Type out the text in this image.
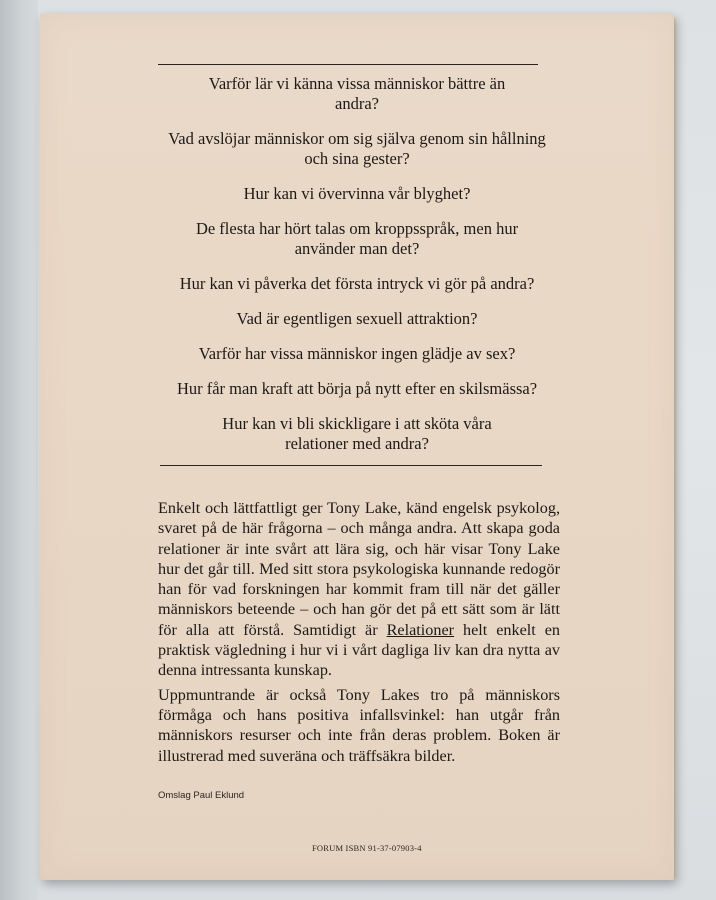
Varför lär vi känna vissa människor bättre än andra?

Vad avslöjar människor om sig själva genom sin hållning och sina gester?

Hur kan vi övervinna vår blyghet?

De flesta har hört talas om kroppsspråk, men hur använder man det?

Hur kan vi påverka det första intryck vi gör på andra?

Vad är egentligen sexuell attraktion?

Varför har vissa människor ingen glädje av sex?

Hur får man kraft att börja på nytt efter en skilsmässa?

Hur kan vi bli skickligare i att sköta våra relationer med andra?

Enkelt och lättfattligt ger Tony Lake, känd engelsk psykolog, svaret på de här frågorna – och många andra. Att skapa goda relationer är inte svårt att lära sig, och här visar Tony Lake hur det går till. Med sitt stora psykologiska kunnande redogör han för vad forskningen har kommit fram till när det gäller människors beteende – och han gör det på ett sätt som är lätt för alla att förstå. Samtidigt är Relationer helt enkelt en praktisk vägledning i hur vi i vårt dagliga liv kan dra nytta av denna intressanta kunskap.

Uppmuntrande är också Tony Lakes tro på människors förmåga och hans positiva infallsvinkel: han utgår från människors resurser och inte från deras problem. Boken är illustrerad med suveräna och träffsäkra bilder.

Omslag Paul Eklund
FORUM ISBN 91-37-07903-4
